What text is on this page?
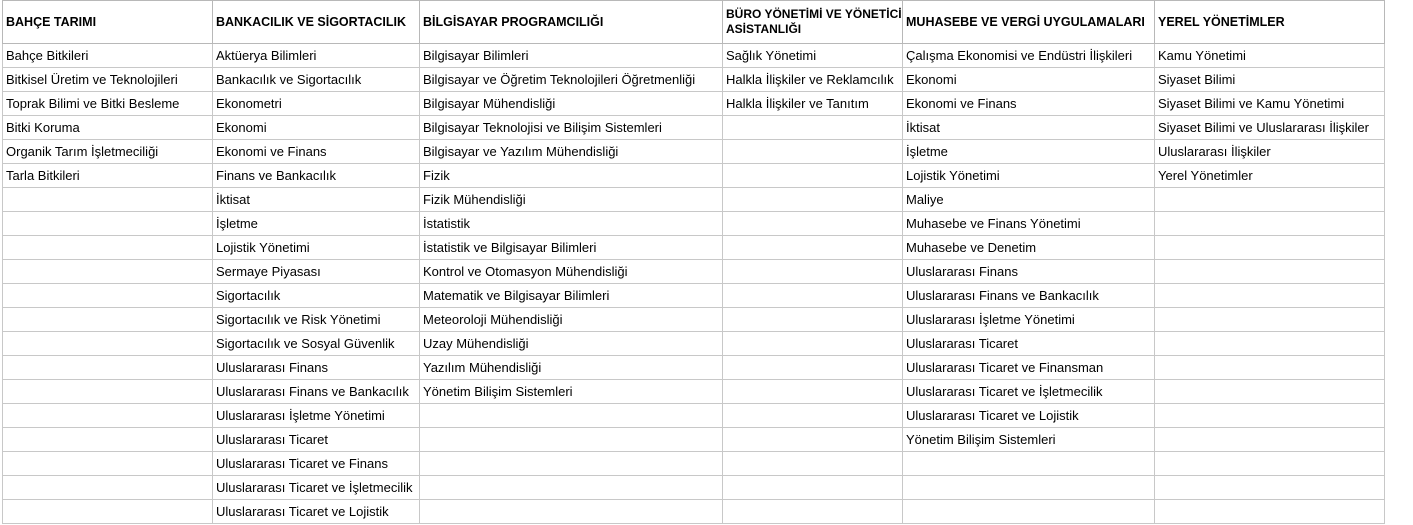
BAHÇE TARIMI	BANKACILIK VE SİGORTACILIK	BİLGİSAYAR PROGRAMCILIĞI	BÜRO YÖNETİMİ VE YÖNETİCİ ASİSTANLIĞI	MUHASEBE VE VERGİ UYGULAMALARI	YEREL YÖNETİMLER
Bahçe Bitkileri	Aktüerya Bilimleri	Bilgisayar Bilimleri	Sağlık Yönetimi	Çalışma Ekonomisi ve Endüstri İlişkileri	Kamu Yönetimi
Bitkisel Üretim ve Teknolojileri	Bankacılık ve Sigortacılık	Bilgisayar ve Öğretim Teknolojileri Öğretmenliği	Halkla İlişkiler ve Reklamcılık	Ekonomi	Siyaset Bilimi
Toprak Bilimi ve Bitki Besleme	Ekonometri	Bilgisayar Mühendisliği	Halkla İlişkiler ve Tanıtım	Ekonomi ve Finans	Siyaset Bilimi ve Kamu Yönetimi
Bitki Koruma	Ekonomi	Bilgisayar Teknolojisi ve Bilişim Sistemleri		İktisat	Siyaset Bilimi ve Uluslararası İlişkiler
Organik Tarım İşletmeciliği	Ekonomi ve Finans	Bilgisayar ve Yazılım Mühendisliği		İşletme	Uluslararası İlişkiler
Tarla Bitkileri	Finans ve Bankacılık	Fizik		Lojistik Yönetimi	Yerel Yönetimler
	İktisat	Fizik Mühendisliği		Maliye	
	İşletme	İstatistik		Muhasebe ve Finans Yönetimi	
	Lojistik Yönetimi	İstatistik ve Bilgisayar Bilimleri		Muhasebe ve Denetim	
	Sermaye Piyasası	Kontrol ve Otomasyon Mühendisliği		Uluslararası Finans	
	Sigortacılık	Matematik ve Bilgisayar Bilimleri		Uluslararası Finans ve Bankacılık	
	Sigortacılık ve Risk Yönetimi	Meteoroloji Mühendisliği		Uluslararası İşletme Yönetimi	
	Sigortacılık ve Sosyal Güvenlik	Uzay Mühendisliği		Uluslararası Ticaret	
	Uluslararası Finans	Yazılım Mühendisliği		Uluslararası Ticaret ve Finansman	
	Uluslararası Finans ve Bankacılık	Yönetim Bilişim Sistemleri		Uluslararası Ticaret ve İşletmecilik	
	Uluslararası İşletme Yönetimi			Uluslararası Ticaret ve Lojistik	
	Uluslararası Ticaret			Yönetim Bilişim Sistemleri	
	Uluslararası Ticaret ve Finans				
	Uluslararası Ticaret ve İşletmecilik				
	Uluslararası Ticaret ve Lojistik				
